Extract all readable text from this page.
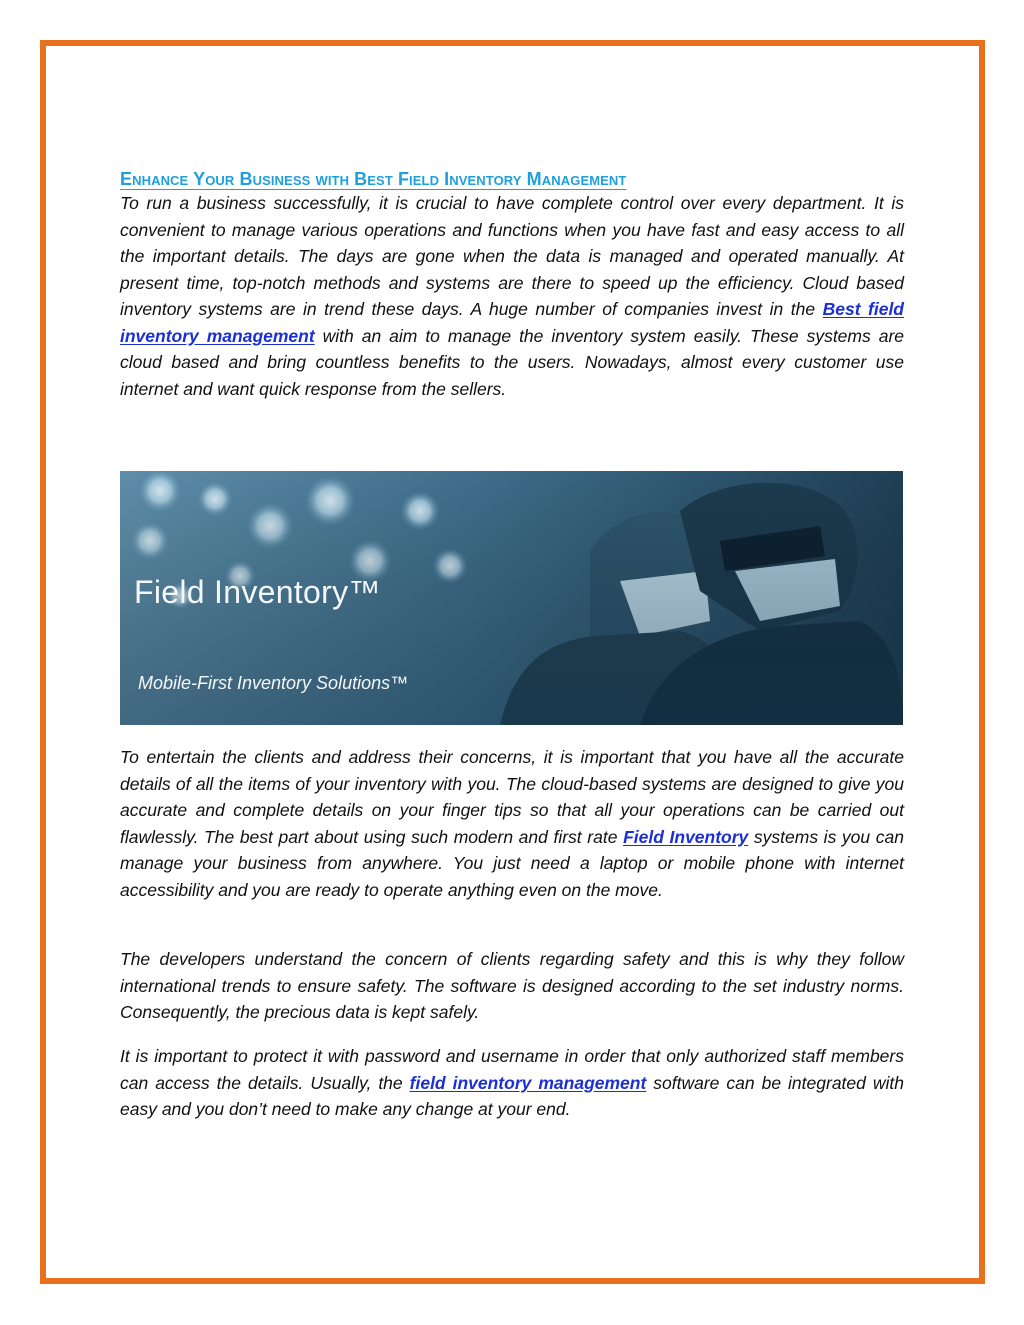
Enhance Your Business with Best Field Inventory Management

To run a business successfully, it is crucial to have complete control over every department. It is convenient to manage various operations and functions when you have fast and easy access to all the important details. The days are gone when the data is managed and operated manually. At present time, top-notch methods and systems are there to speed up the efficiency. Cloud based inventory systems are in trend these days. A huge number of companies invest in the Best field inventory management with an aim to manage the inventory system easily. These systems are cloud based and bring countless benefits to the users. Nowadays, almost every customer use internet and want quick response from the sellers.

Field Inventory™
Mobile-First Inventory Solutions™

To entertain the clients and address their concerns, it is important that you have all the accurate details of all the items of your inventory with you. The cloud-based systems are designed to give you accurate and complete details on your finger tips so that all your operations can be carried out flawlessly. The best part about using such modern and first rate Field Inventory systems is you can manage your business from anywhere. You just need a laptop or mobile phone with internet accessibility and you are ready to operate anything even on the move.

The developers understand the concern of clients regarding safety and this is why they follow international trends to ensure safety. The software is designed according to the set industry norms. Consequently, the precious data is kept safely.

It is important to protect it with password and username in order that only authorized staff members can access the details. Usually, the field inventory management software can be integrated with easy and you don’t need to make any change at your end.
